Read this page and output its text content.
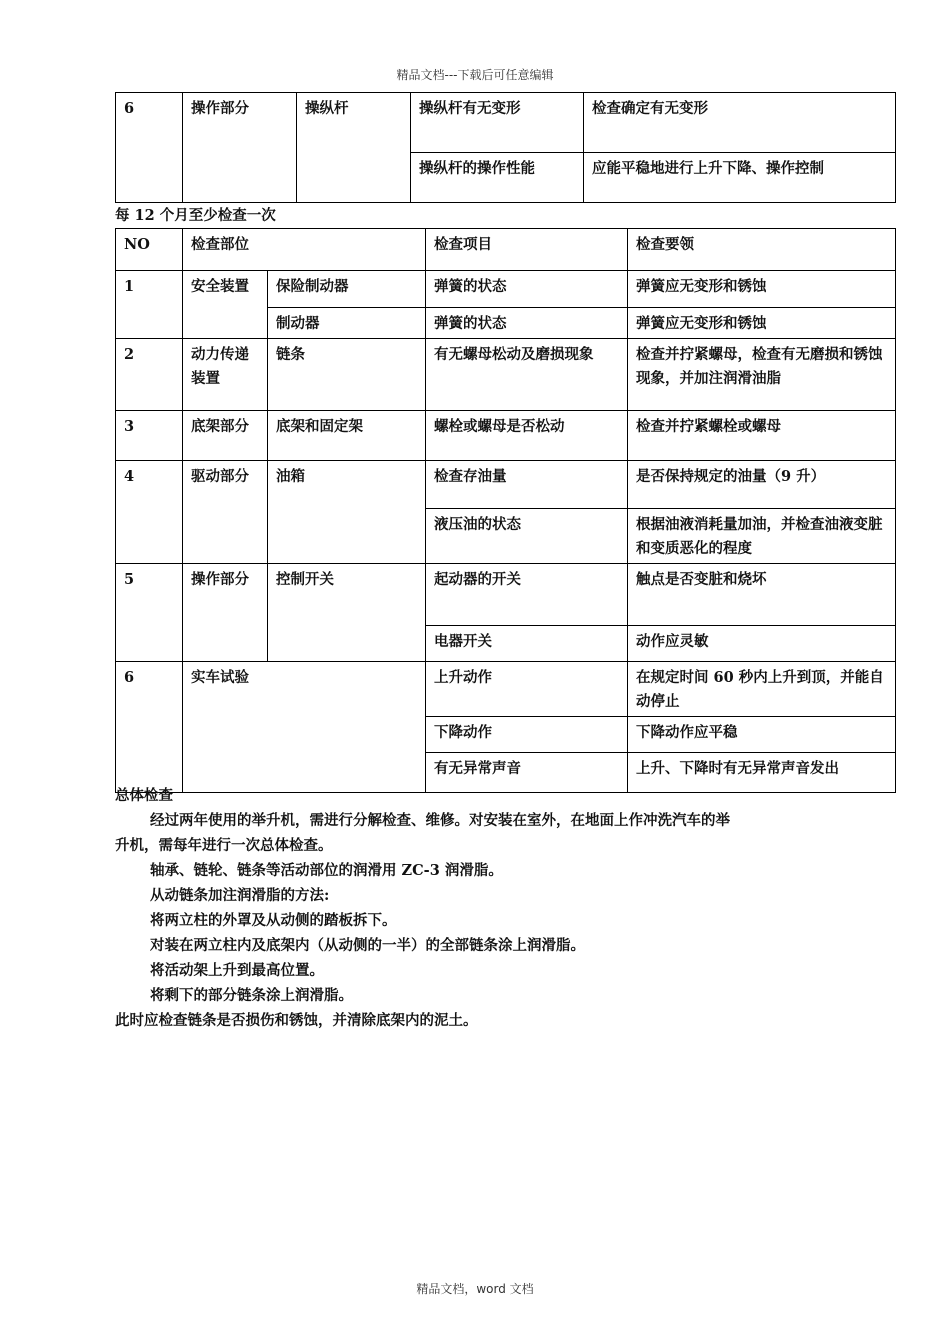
精品文档---下载后可任意编辑
6	操作部分	操纵杆	操纵杆有无变形	检查确定有无变形
			操纵杆的操作性能	应能平稳地进行上升下降、操作控制
每 12 个月至少检查一次
NO	检查部位		检查项目	检查要领
1	安全装置	保险制动器	弹簧的状态	弹簧应无变形和锈蚀
		制动器	弹簧的状态	弹簧应无变形和锈蚀
2	动力传递装置	链条	有无螺母松动及磨损现象	检查并拧紧螺母，检查有无磨损和锈蚀现象，并加注润滑油脂
3	底架部分	底架和固定架	螺栓或螺母是否松动	检查并拧紧螺栓或螺母
4	驱动部分	油箱	检查存油量	是否保持规定的油量（9 升）
			液压油的状态	根据油液消耗量加油，并检查油液变脏和变质恶化的程度
5	操作部分	控制开关	起动器的开关	触点是否变脏和烧坏
			电器开关	动作应灵敏
6	实车试验		上升动作	在规定时间 60 秒内上升到顶，并能自动停止
			下降动作	下降动作应平稳
			有无异常声音	上升、下降时有无异常声音发出
总体检查
经过两年使用的举升机，需进行分解检查、维修。对安装在室外，在地面上作冲洗汽车的举
升机，需每年进行一次总体检查。
轴承、链轮、链条等活动部位的润滑用 ZC-3 润滑脂。
从动链条加注润滑脂的方法:
将两立柱的外罩及从动侧的踏板拆下。
对装在两立柱内及底架内（从动侧的一半）的全部链条涂上润滑脂。
将活动架上升到最高位置。
将剩下的部分链条涂上润滑脂。
此时应检查链条是否损伤和锈蚀，并清除底架内的泥土。
精品文档，word 文档
